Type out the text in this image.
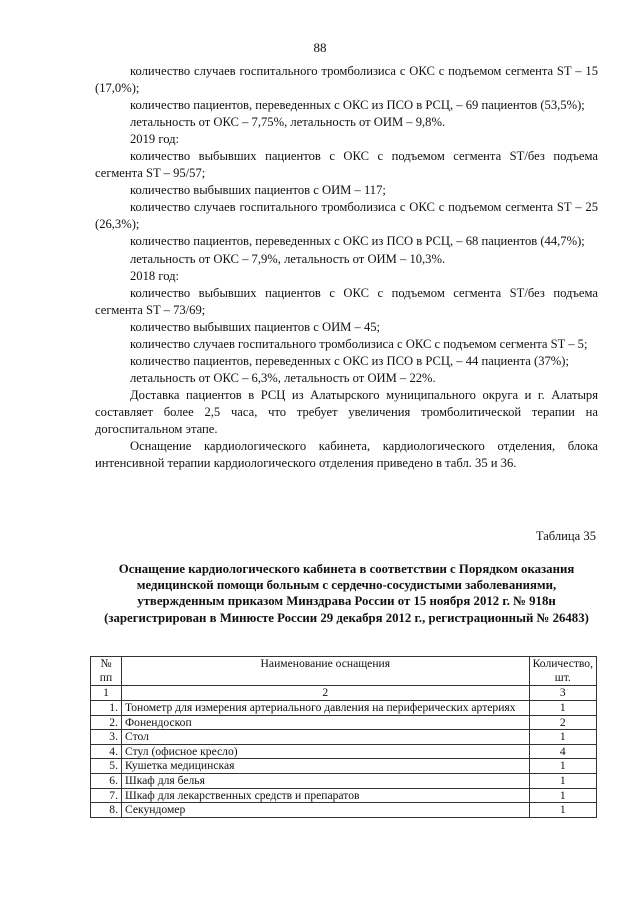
88

количество случаев госпитального тромболизиса с ОКС с подъемом сегмента ST – 15 (17,0%);

количество пациентов, переведенных с ОКС из ПСО в РСЦ, – 69 пациентов (53,5%);

летальность от ОКС – 7,75%, летальность от ОИМ – 9,8%.

2019 год:

количество выбывших пациентов с ОКС с подъемом сегмента ST/без подъема сегмента ST – 95/57;

количество выбывших пациентов с ОИМ – 117;

количество случаев госпитального тромболизиса с ОКС с подъемом сегмента ST – 25 (26,3%);

количество пациентов, переведенных с ОКС из ПСО в РСЦ, – 68 пациентов (44,7%);

летальность от ОКС – 7,9%, летальность от ОИМ – 10,3%.

2018 год:

количество выбывших пациентов с ОКС с подъемом сегмента ST/без подъема сегмента ST – 73/69;

количество выбывших пациентов с ОИМ – 45;

количество случаев госпитального тромболизиса с ОКС с подъемом сегмента ST – 5;

количество пациентов, переведенных с ОКС из ПСО в РСЦ, – 44 пациента (37%);

летальность от ОКС – 6,3%, летальность от ОИМ – 22%.

Доставка пациентов в РСЦ из Алатырского муниципального округа и г. Алатыря составляет более 2,5 часа, что требует увеличения тромболитической терапии на догоспитальном этапе.

Оснащение кардиологического кабинета, кардиологического отделения, блока интенсивной терапии кардиологического отделения приведено в табл. 35 и 36.

Таблица 35
Оснащение кардиологического кабинета в соответствии с Порядком оказания медицинской помощи больным с сердечно-сосудистыми заболеваниями, утвержденным приказом Минздрава России от 15 ноября 2012 г. № 918н (зарегистрирован в Минюсте России 29 декабря 2012 г., регистрационный № 26483)
№ пп	Наименование оснащения	Количество, шт.
1	2	3
1.	Тонометр для измерения артериального давления на периферических артериях	1
2.	Фонендоскоп	2
3.	Стол	1
4.	Стул (офисное кресло)	4
5.	Кушетка медицинская	1
6.	Шкаф для белья	1
7.	Шкаф для лекарственных средств и препаратов	1
8.	Секундомер	1
